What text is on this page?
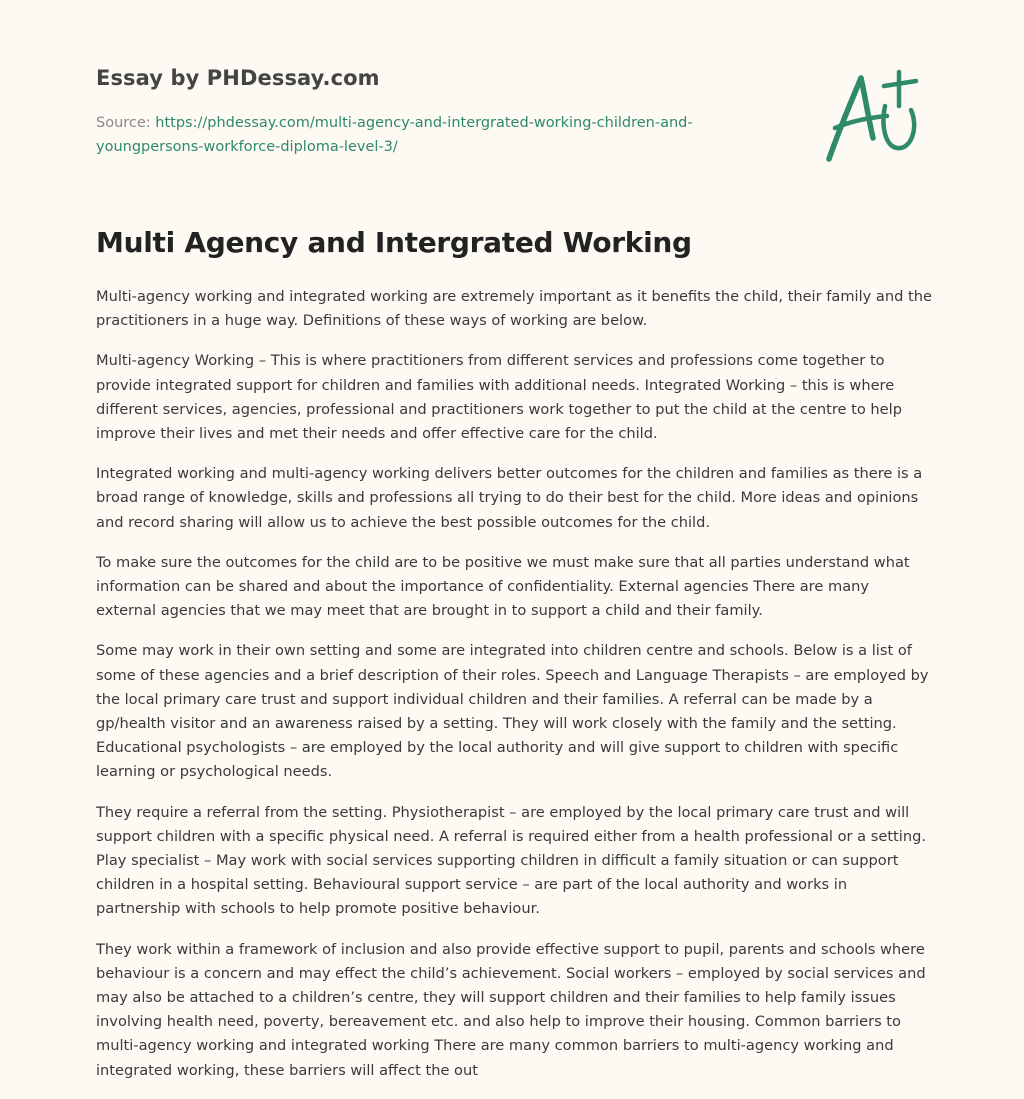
Essay by PHDessay.com
Source: https://phdessay.com/multi-agency-and-intergrated-working-children-and-youngpersons-workforce-diploma-level-3/
Multi Agency and Intergrated Working

Multi-agency working and integrated working are extremely important as it benefits the child, their family and the practitioners in a huge way. Definitions of these ways of working are below.

Multi-agency Working – This is where practitioners from different services and professions come together to provide integrated support for children and families with additional needs. Integrated Working – this is where different services, agencies, professional and practitioners work together to put the child at the centre to help improve their lives and met their needs and offer effective care for the child.

Integrated working and multi-agency working delivers better outcomes for the children and families as there is a broad range of knowledge, skills and professions all trying to do their best for the child. More ideas and opinions and record sharing will allow us to achieve the best possible outcomes for the child.

To make sure the outcomes for the child are to be positive we must make sure that all parties understand what information can be shared and about the importance of confidentiality. External agencies There are many external agencies that we may meet that are brought in to support a child and their family.

Some may work in their own setting and some are integrated into children centre and schools. Below is a list of some of these agencies and a brief description of their roles. Speech and Language Therapists – are employed by the local primary care trust and support individual children and their families. A referral can be made by a gp/health visitor and an awareness raised by a setting. They will work closely with the family and the setting. Educational psychologists – are employed by the local authority and will give support to children with specific learning or psychological needs.

They require a referral from the setting. Physiotherapist – are employed by the local primary care trust and will support children with a specific physical need. A referral is required either from a health professional or a setting. Play specialist – May work with social services supporting children in difficult a family situation or can support children in a hospital setting. Behavioural support service – are part of the local authority and works in partnership with schools to help promote positive behaviour.

They work within a framework of inclusion and also provide effective support to pupil, parents and schools where behaviour is a concern and may effect the child’s achievement. Social workers – employed by social services and may also be attached to a children’s centre, they will support children and their families to help family issues involving health need, poverty, bereavement etc. and also help to improve their housing. Common barriers to multi-agency working and integrated working There are many common barriers to multi-agency working and integrated working, these barriers will affect the out
